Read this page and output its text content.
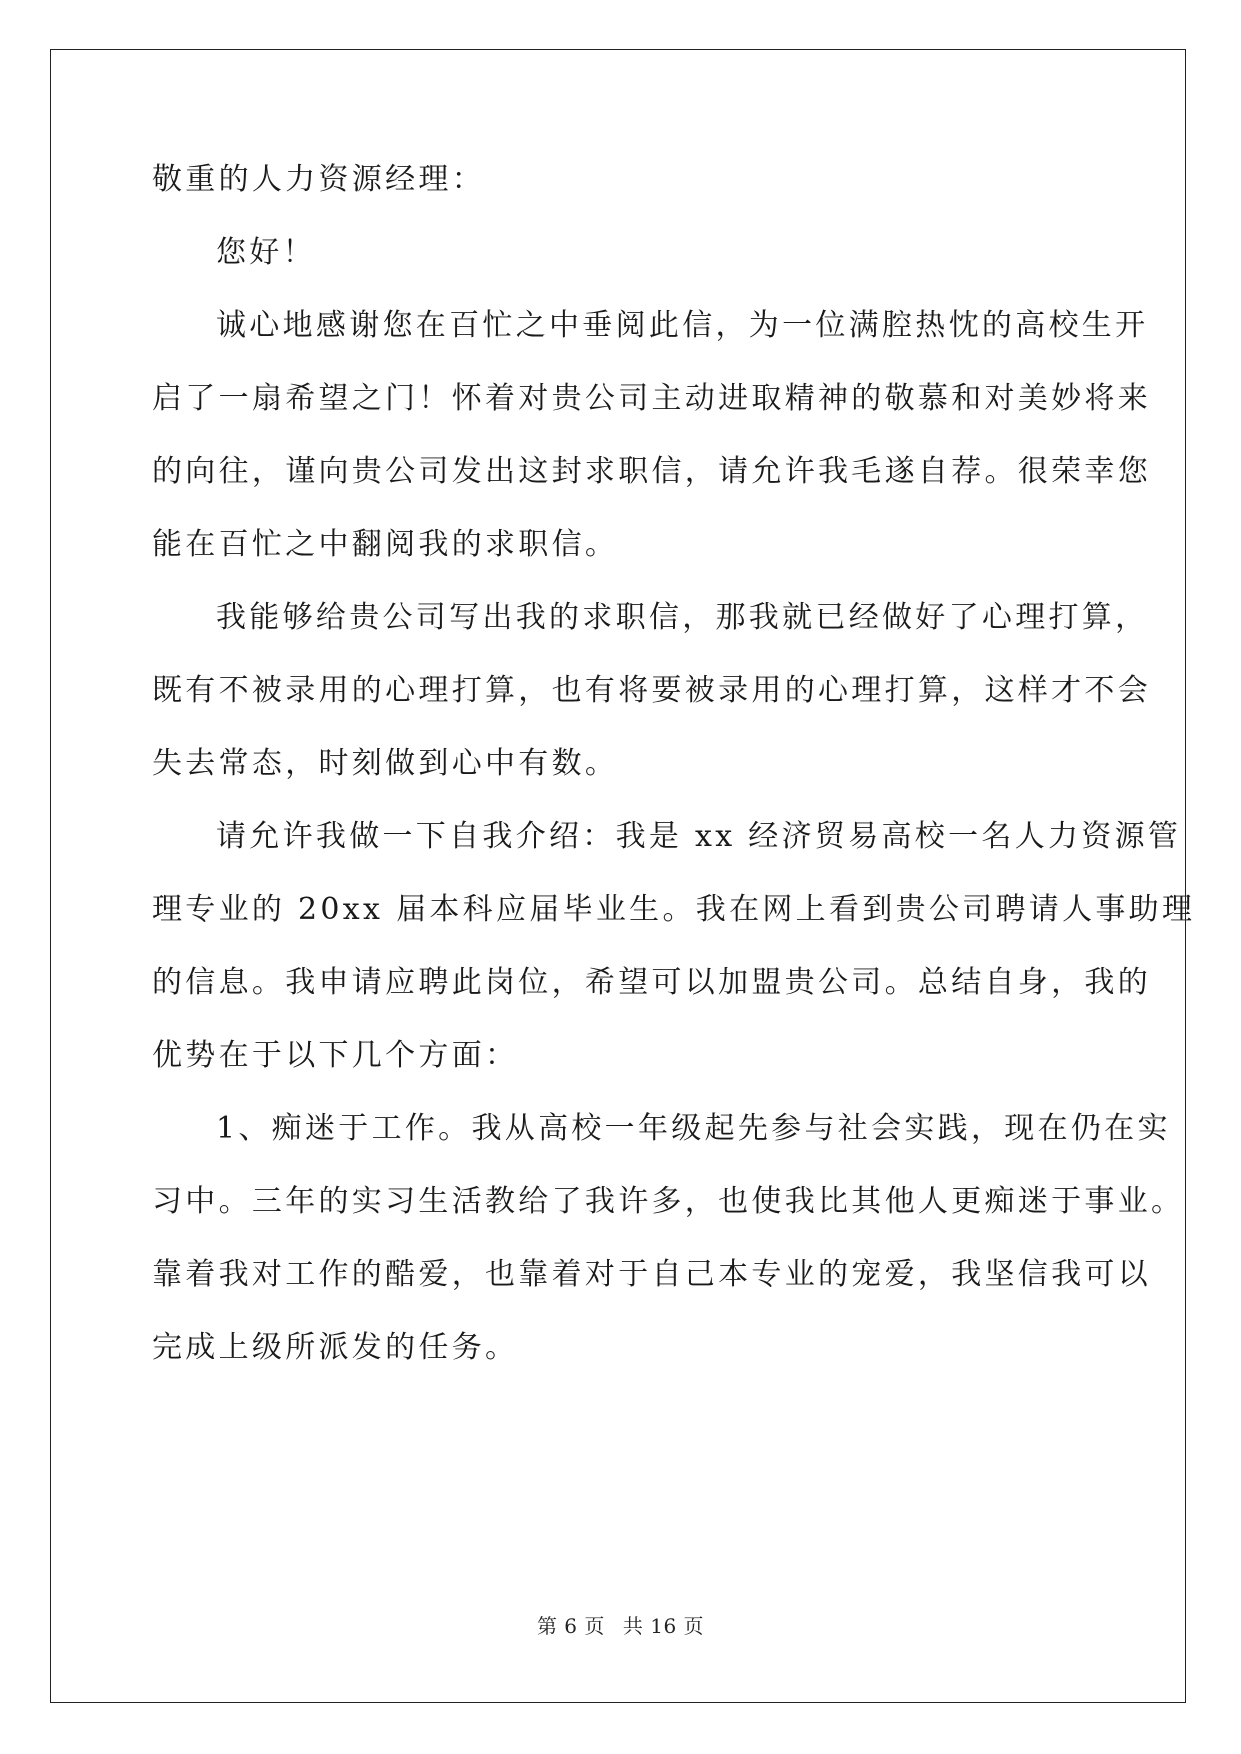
敬重的人力资源经理：
您好！
诚心地感谢您在百忙之中垂阅此信，为一位满腔热忱的高校生开
启了一扇希望之门！怀着对贵公司主动进取精神的敬慕和对美妙将来
的向往，谨向贵公司发出这封求职信，请允许我毛遂自荐。很荣幸您
能在百忙之中翻阅我的求职信。
我能够给贵公司写出我的求职信，那我就已经做好了心理打算，
既有不被录用的心理打算，也有将要被录用的心理打算，这样才不会
失去常态，时刻做到心中有数。
请允许我做一下自我介绍：我是 xx 经济贸易高校一名人力资源管
理专业的 20xx 届本科应届毕业生。我在网上看到贵公司聘请人事助理
的信息。我申请应聘此岗位，希望可以加盟贵公司。总结自身，我的
优势在于以下几个方面：
1、痴迷于工作。我从高校一年级起先参与社会实践，现在仍在实
习中。三年的实习生活教给了我许多，也使我比其他人更痴迷于事业。
靠着我对工作的酷爱，也靠着对于自己本专业的宠爱，我坚信我可以
完成上级所派发的任务。
第 6 页 共 16 页
